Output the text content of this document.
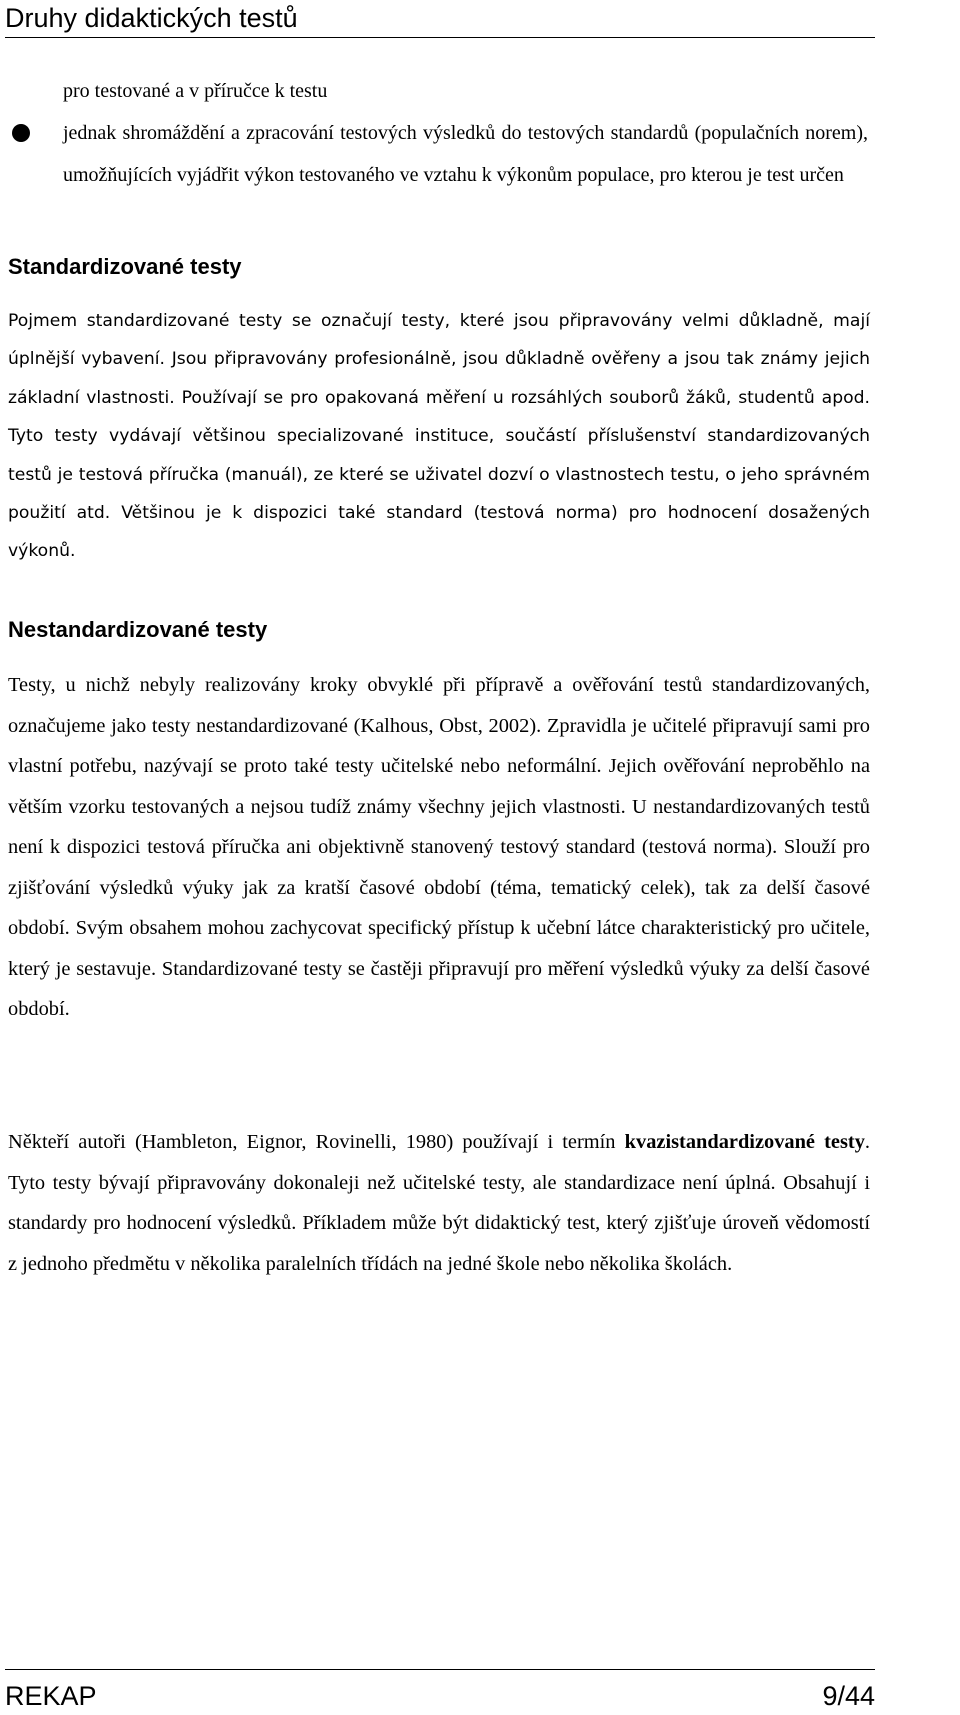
Druhy didaktických testů
pro testované a v příručce k testu
jednak shromáždění a zpracování testových výsledků do testových standardů (populačních norem), umožňujících vyjádřit výkon testovaného ve vztahu k výkonům populace, pro kterou je test určen
Standardizované testy
Pojmem standardizované testy se označují testy, které jsou připravovány velmi důkladně, mají úplnější vybavení. Jsou připravovány profesionálně, jsou důkladně ověřeny a jsou tak známy jejich základní vlastnosti. Používají se pro opakovaná měření u rozsáhlých souborů žáků, studentů apod. Tyto testy vydávají většinou specializované instituce, součástí příslušenství standardizovaných testů je testová příručka (manuál), ze které se uživatel dozví o vlastnostech testu, o jeho správném použití atd. Většinou je k dispozici také standard (testová norma) pro hodnocení dosažených výkonů.
Nestandardizované testy
Testy, u nichž nebyly realizovány kroky obvyklé při přípravě a ověřování testů standardizovaných, označujeme jako testy nestandardizované (Kalhous, Obst, 2002). Zpravidla je učitelé připravují sami pro vlastní potřebu, nazývají se proto také testy učitelské nebo neformální. Jejich ověřování neproběhlo na větším vzorku testovaných a nejsou tudíž známy všechny jejich vlastnosti. U nestandardizovaných testů není k dispozici testová příručka ani objektivně stanovený testový standard (testová norma). Slouží pro zjišťování výsledků výuky jak za kratší časové období (téma, tematický celek), tak za delší časové období. Svým obsahem mohou zachycovat specifický přístup k učební látce charakteristický pro učitele, který je sestavuje. Standardizované testy se častěji připravují pro měření výsledků výuky za delší časové období.
Někteří autoři (Hambleton, Eignor, Rovinelli, 1980) používají i termín kvazistandardizované testy. Tyto testy bývají připravovány dokonaleji než učitelské testy, ale standardizace není úplná. Obsahují i standardy pro hodnocení výsledků. Příkladem může být didaktický test, který zjišťuje úroveň vědomostí z jednoho předmětu v několika paralelních třídách na jedné škole nebo několika školách.
REKAP	9/44
